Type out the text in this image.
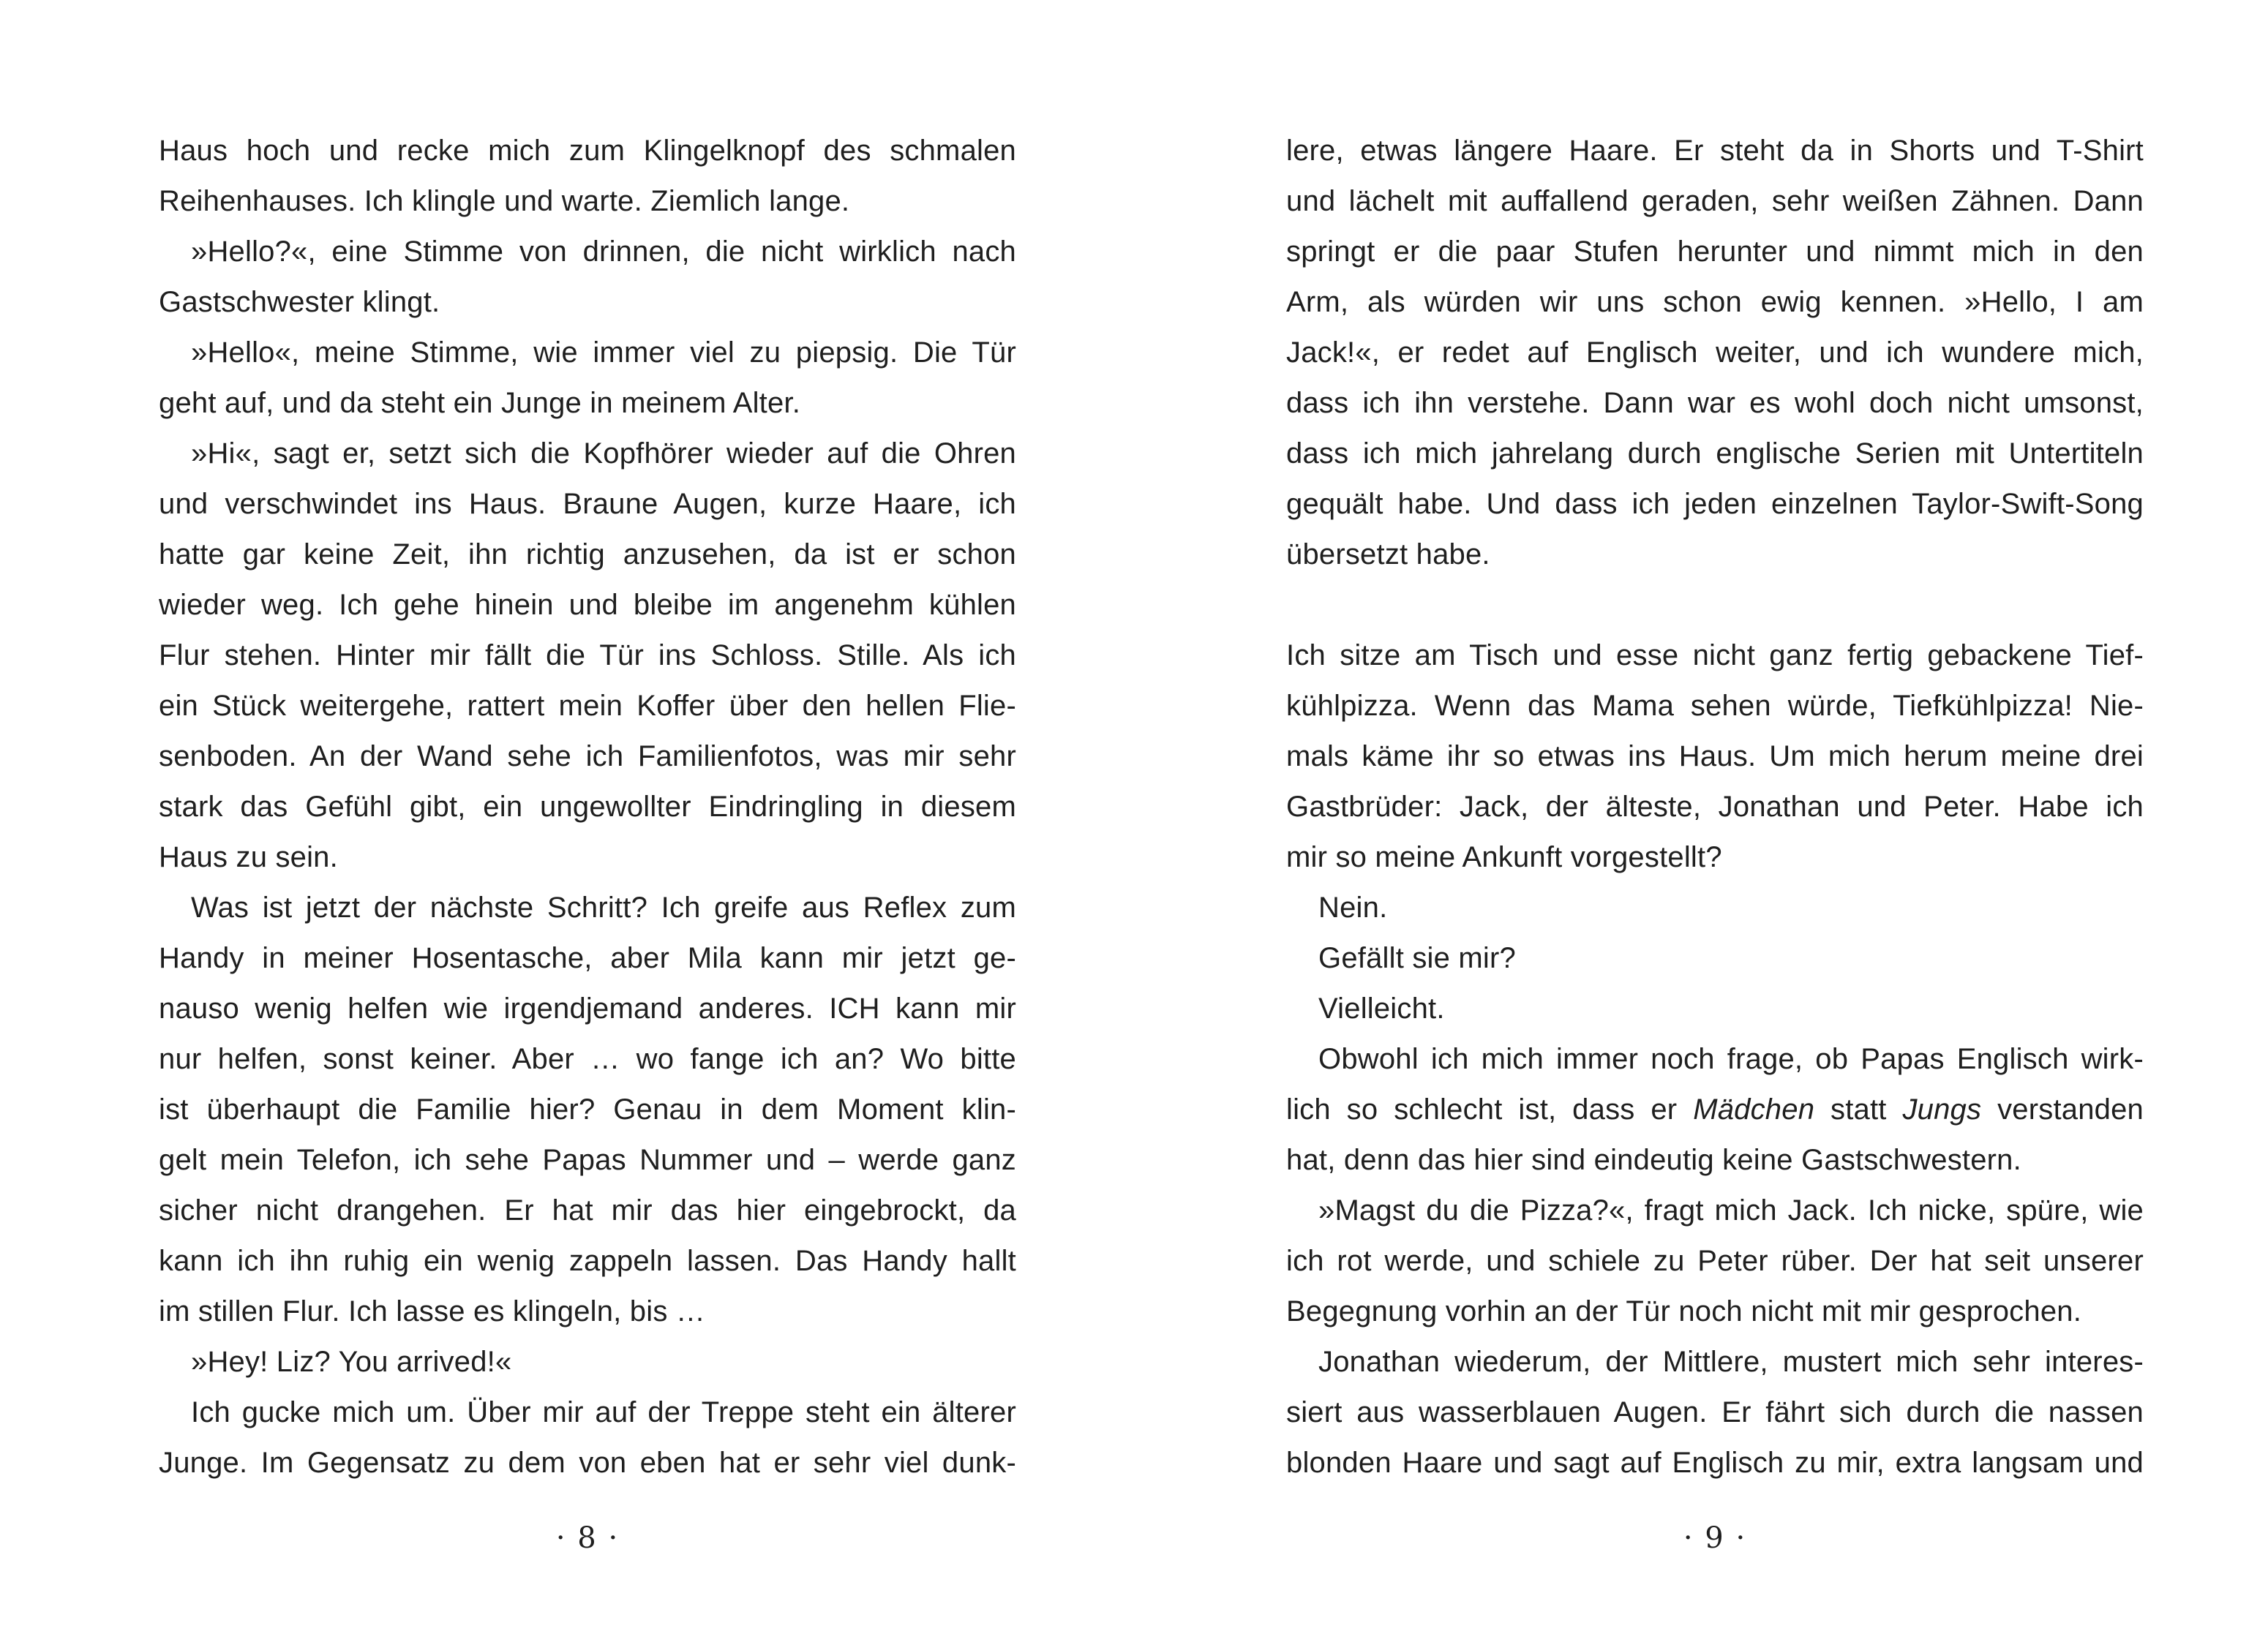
Haus hoch und recke mich zum Klingelknopf des schmalen
Reihenhauses. Ich klingle und warte. Ziemlich lange.
»Hello?«, eine Stimme von drinnen, die nicht wirklich nach
Gastschwester klingt.
»Hello«, meine Stimme, wie immer viel zu piepsig. Die Tür
geht auf, und da steht ein Junge in meinem Alter.
»Hi«, sagt er, setzt sich die Kopfhörer wieder auf die Ohren
und verschwindet ins Haus. Braune Augen, kurze Haare, ich
hatte gar keine Zeit, ihn richtig anzusehen, da ist er schon
wieder weg. Ich gehe hinein und bleibe im angenehm kühlen
Flur stehen. Hinter mir fällt die Tür ins Schloss. Stille. Als ich
ein Stück weitergehe, rattert mein Koffer über den hellen Flie-
senboden. An der Wand sehe ich Familienfotos, was mir sehr
stark das Gefühl gibt, ein ungewollter Eindringling in diesem
Haus zu sein.
Was ist jetzt der nächste Schritt? Ich greife aus Reflex zum
Handy in meiner Hosentasche, aber Mila kann mir jetzt ge-
nauso wenig helfen wie irgendjemand anderes. ICH kann mir
nur helfen, sonst keiner. Aber … wo fange ich an? Wo bitte
ist überhaupt die Familie hier? Genau in dem Moment klin-
gelt mein Telefon, ich sehe Papas Nummer und – werde ganz
sicher nicht drangehen. Er hat mir das hier eingebrockt, da
kann ich ihn ruhig ein wenig zappeln lassen. Das Handy hallt
im stillen Flur. Ich lasse es klingeln, bis …
»Hey! Liz? You arrived!«
Ich gucke mich um. Über mir auf der Treppe steht ein älterer
Junge. Im Gegensatz zu dem von eben hat er sehr viel dunk-
lere, etwas längere Haare. Er steht da in Shorts und T-Shirt
und lächelt mit auffallend geraden, sehr weißen Zähnen. Dann
springt er die paar Stufen herunter und nimmt mich in den
Arm, als würden wir uns schon ewig kennen. »Hello, I am
Jack!«, er redet auf Englisch weiter, und ich wundere mich,
dass ich ihn verstehe. Dann war es wohl doch nicht umsonst,
dass ich mich jahrelang durch englische Serien mit Untertiteln
gequält habe. Und dass ich jeden einzelnen Taylor-Swift-Song
übersetzt habe.
Ich sitze am Tisch und esse nicht ganz fertig gebackene Tief-
kühlpizza. Wenn das Mama sehen würde, Tiefkühlpizza! Nie-
mals käme ihr so etwas ins Haus. Um mich herum meine drei
Gastbrüder: Jack, der älteste, Jonathan und Peter. Habe ich
mir so meine Ankunft vorgestellt?
Nein.
Gefällt sie mir?
Vielleicht.
Obwohl ich mich immer noch frage, ob Papas Englisch wirk-
lich so schlecht ist, dass er Mädchen statt Jungs verstanden
hat, denn das hier sind eindeutig keine Gastschwestern.
»Magst du die Pizza?«, fragt mich Jack. Ich nicke, spüre, wie
ich rot werde, und schiele zu Peter rüber. Der hat seit unserer
Begegnung vorhin an der Tür noch nicht mit mir gesprochen.
Jonathan wiederum, der Mittlere, mustert mich sehr interes-
siert aus wasserblauen Augen. Er fährt sich durch die nassen
blonden Haare und sagt auf Englisch zu mir, extra langsam und
· 8 ·	· 9 ·
